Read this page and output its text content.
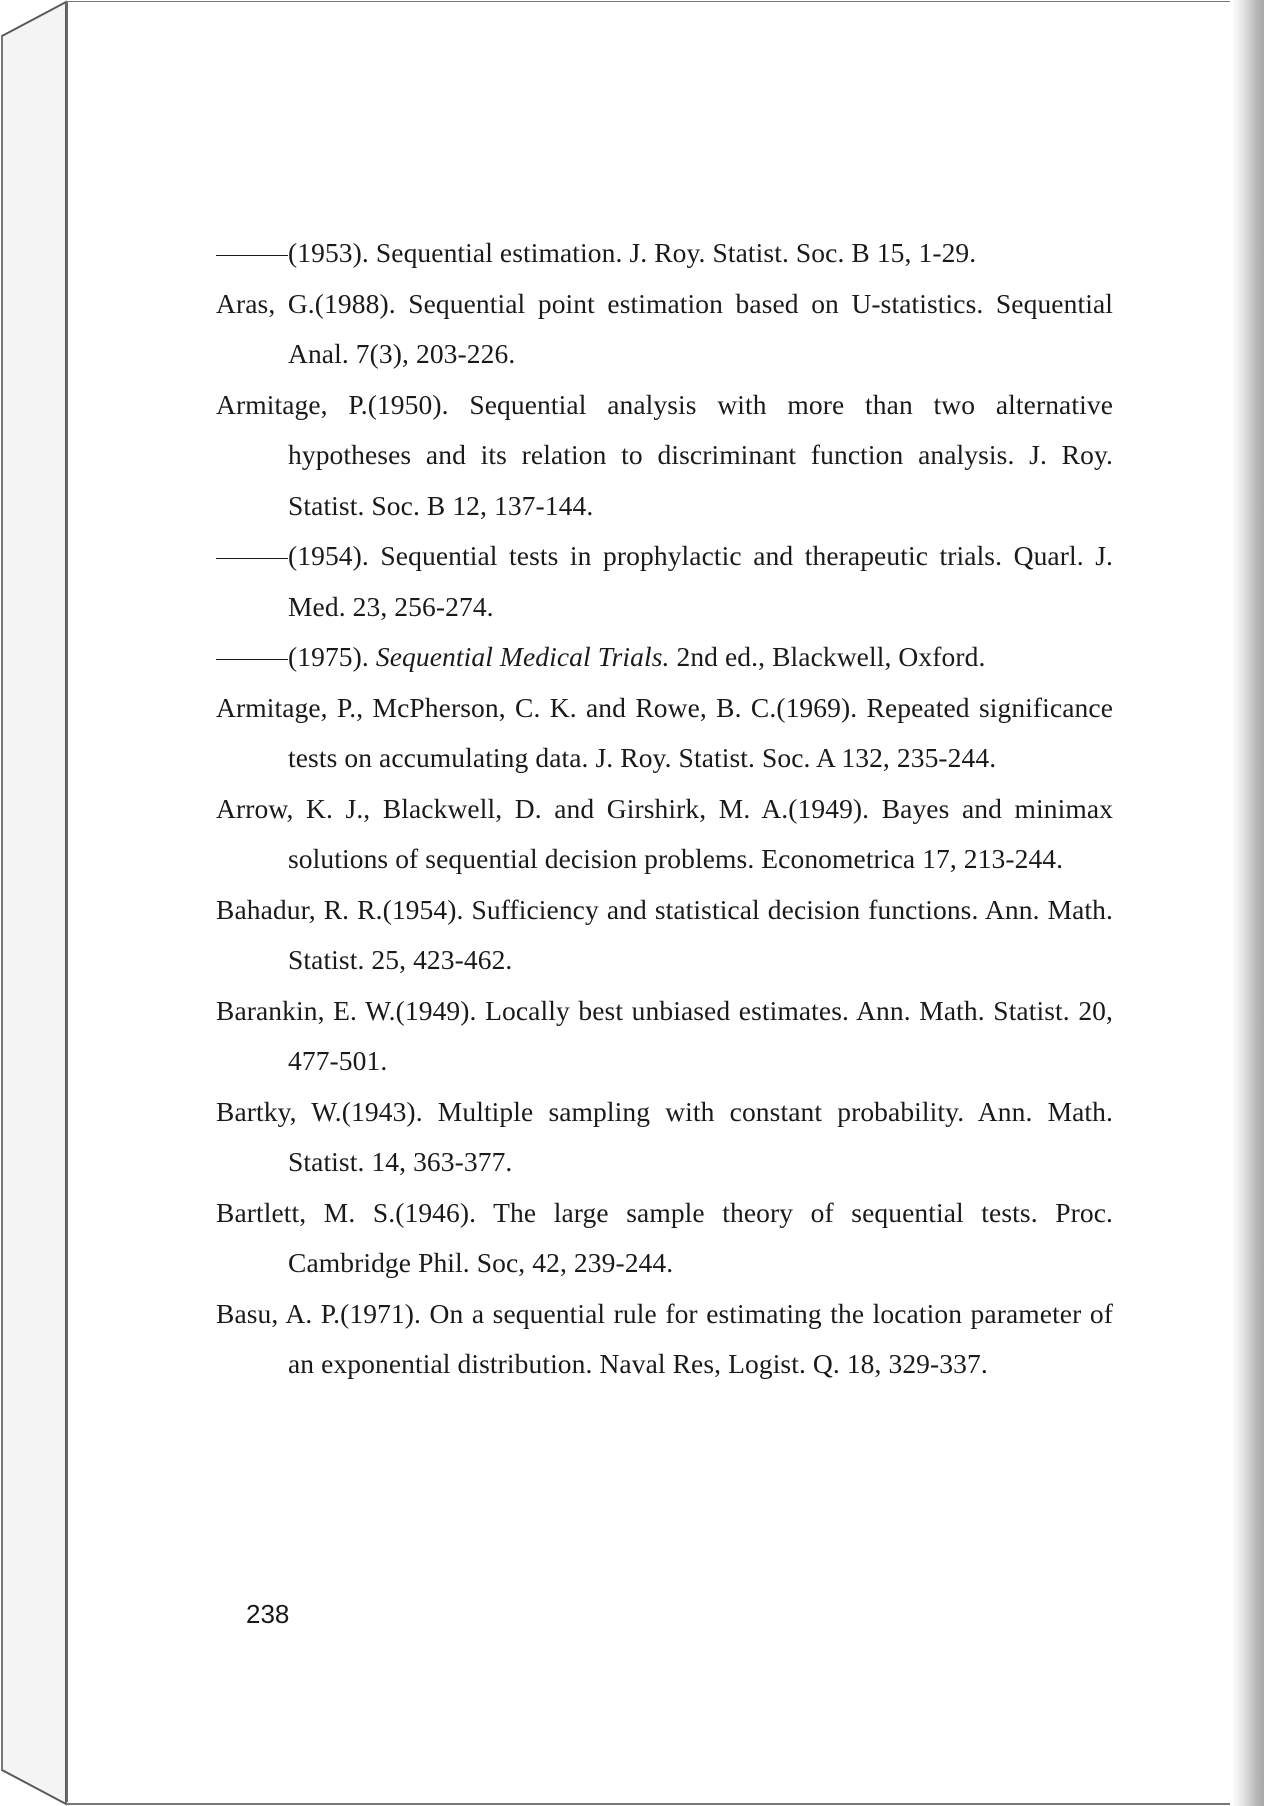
(1953). Sequential estimation. J. Roy. Statist. Soc. B 15, 1-29.

Aras, G.(1988). Sequential point estimation based on U-statistics. Sequential Anal. 7(3), 203-226.

Armitage, P.(1950). Sequential analysis with more than two alternative hypotheses and its relation to discriminant function analysis. J. Roy. Statist. Soc. B 12, 137-144.

(1954). Sequential tests in prophylactic and therapeutic trials. Quarl. J. Med. 23, 256-274.

(1975). Sequential Medical Trials. 2nd ed., Blackwell, Oxford.

Armitage, P., McPherson, C. K. and Rowe, B. C.(1969). Repeated significance tests on accumulating data. J. Roy. Statist. Soc. A 132, 235-244.

Arrow, K. J., Blackwell, D. and Girshirk, M. A.(1949). Bayes and minimax solutions of sequential decision problems. Econometrica 17, 213-244.

Bahadur, R. R.(1954). Sufficiency and statistical decision functions. Ann. Math. Statist. 25, 423-462.

Barankin, E. W.(1949). Locally best unbiased estimates. Ann. Math. Statist. 20, 477-501.

Bartky, W.(1943). Multiple sampling with constant probability. Ann. Math. Statist. 14, 363-377.

Bartlett, M. S.(1946). The large sample theory of sequential tests. Proc. Cambridge Phil. Soc, 42, 239-244.

Basu, A. P.(1971). On a sequential rule for estimating the location parameter of an exponential distribution. Naval Res, Logist. Q. 18, 329-337.

238
